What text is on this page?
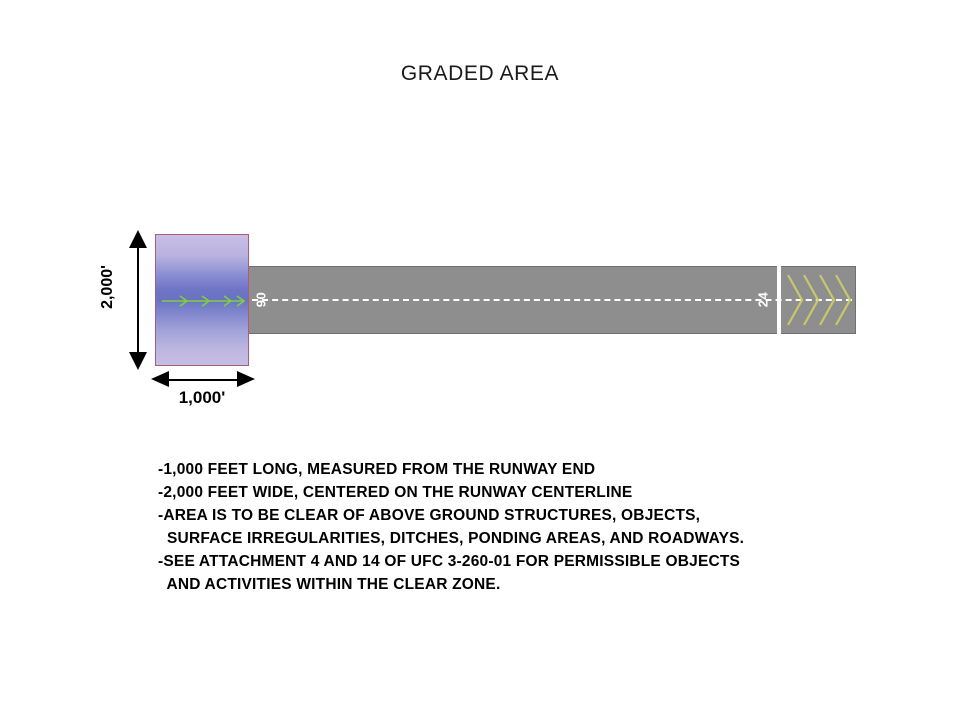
GRADED AREA
90	24
2,000'
1,000'
-1,000 FEET LONG, MEASURED FROM THE RUNWAY END
-2,000 FEET WIDE, CENTERED ON THE RUNWAY CENTERLINE
-AREA IS TO BE CLEAR OF ABOVE GROUND STRUCTURES, OBJECTS,
SURFACE IRREGULARITIES, DITCHES, PONDING AREAS, AND ROADWAYS.
-SEE ATTACHMENT 4 AND 14 OF UFC 3-260-01 FOR PERMISSIBLE OBJECTS
AND ACTIVITIES WITHIN THE CLEAR ZONE.
